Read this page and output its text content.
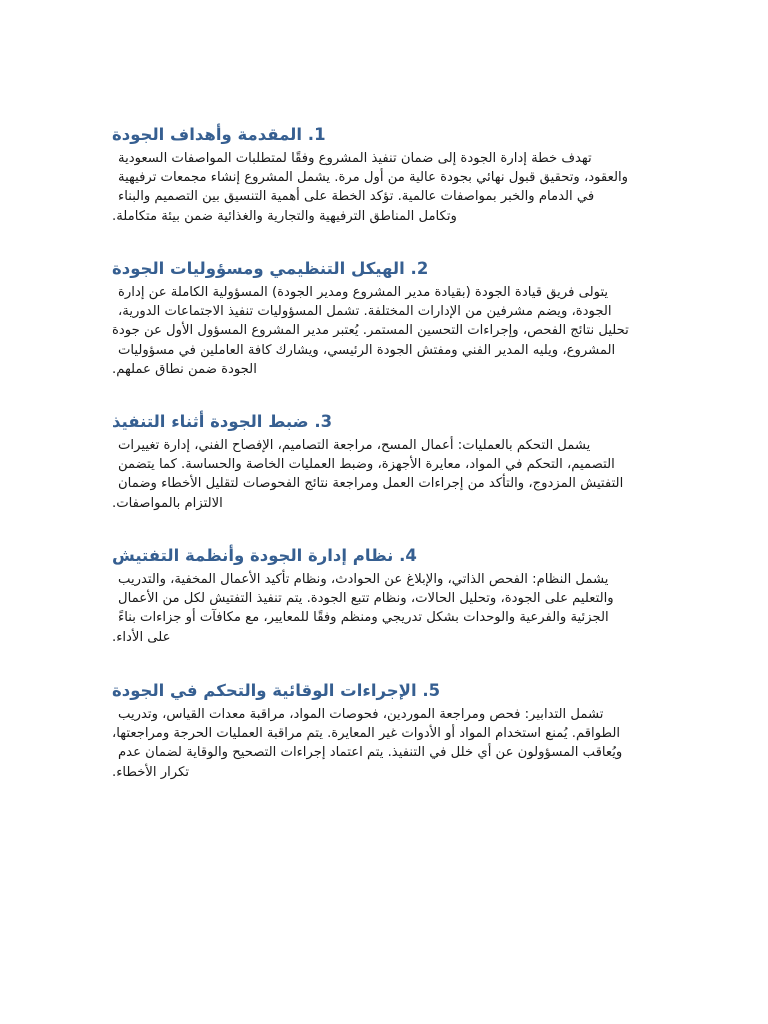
1. المقدمة وأهداف الجودة
تهدف خطة إدارة الجودة إلى ضمان تنفيذ المشروع وفقًا لمتطلبات المواصفات السعودية
والعقود، وتحقيق قبول نهائي بجودة عالية من أول مرة. يشمل المشروع إنشاء مجمعات ترفيهية
في الدمام والخبر بمواصفات عالمية. تؤكد الخطة على أهمية التنسيق بين التصميم والبناء
وتكامل المناطق الترفيهية والتجارية والغذائية ضمن بيئة متكاملة.
2. الهيكل التنظيمي ومسؤوليات الجودة
يتولى فريق قيادة الجودة (بقيادة مدير المشروع ومدير الجودة) المسؤولية الكاملة عن إدارة
الجودة، ويضم مشرفين من الإدارات المختلفة. تشمل المسؤوليات تنفيذ الاجتماعات الدورية،
تحليل نتائج الفحص، وإجراءات التحسين المستمر. يُعتبر مدير المشروع المسؤول الأول عن جودة
المشروع، ويليه المدير الفني ومفتش الجودة الرئيسي، ويشارك كافة العاملين في مسؤوليات
الجودة ضمن نطاق عملهم.
3. ضبط الجودة أثناء التنفيذ
يشمل التحكم بالعمليات: أعمال المسح، مراجعة التصاميم، الإفصاح الفني، إدارة تغييرات
التصميم، التحكم في المواد، معايرة الأجهزة، وضبط العمليات الخاصة والحساسة. كما يتضمن
التفتيش المزدوج، والتأكد من إجراءات العمل ومراجعة نتائج الفحوصات لتقليل الأخطاء وضمان
الالتزام بالمواصفات.
4. نظام إدارة الجودة وأنظمة التفتيش
يشمل النظام: الفحص الذاتي، والإبلاغ عن الحوادث، ونظام تأكيد الأعمال المخفية، والتدريب
والتعليم على الجودة، وتحليل الحالات، ونظام تتبع الجودة. يتم تنفيذ التفتيش لكل من الأعمال
الجزئية والفرعية والوحدات بشكل تدريجي ومنظم وفقًا للمعايير، مع مكافآت أو جزاءات بناءً
على الأداء.
5. الإجراءات الوقائية والتحكم في الجودة
تشمل التدابير: فحص ومراجعة الموردين، فحوصات المواد، مراقبة معدات القياس، وتدريب
الطواقم. يُمنع استخدام المواد أو الأدوات غير المعايرة. يتم مراقبة العمليات الحرجة ومراجعتها،
ويُعاقب المسؤولون عن أي خلل في التنفيذ. يتم اعتماد إجراءات التصحيح والوقاية لضمان عدم
تكرار الأخطاء.
